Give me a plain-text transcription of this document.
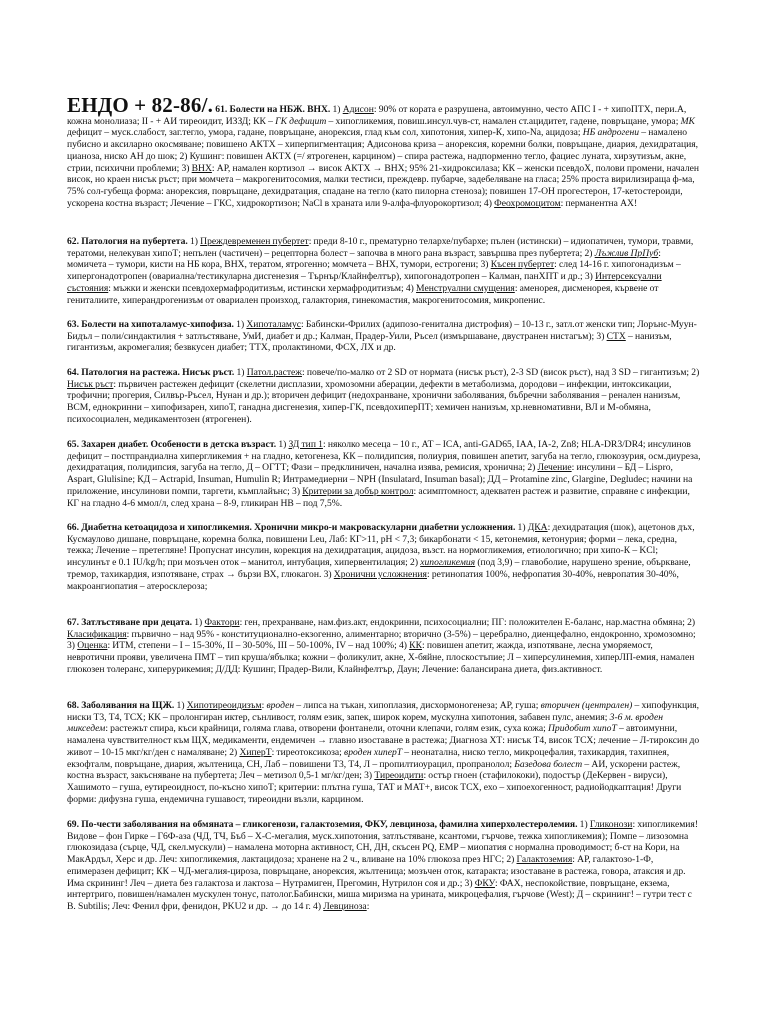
ЕНДО + 82-86/. 61. Болести на НБЖ. ВНХ. 1) Адисон: 90% от кората е разрушена, автоимунно, често АПС I - + хипоПТХ, пери.А, кожна монолиаза; II - + АИ тиреоидит, ИЗЗД; КК – ГК дефицит – хипогликемия, повиш.инсул.чув-ст, намален ст.ацидитет, гадене, повръщане, умора; МК дефицит – муск.слабост, заг.тегло, умора, гадане, повръщане, анорексия, глад към сол, хипотония, хипер-К, хипо-Na, ацидоза; НБ андрогени – намалено пубисно и аксиларно окосмяване; повишено АКТХ – хиперпигментация; Адисонова криза – анорексия, коремни болки, повръщане, диария, дехидратация, цианоза, ниско АН до шок; 2) Кушинг: повишен АКТХ (=/ ятрогенен, карцином) – спира растежа, надпорменно тегло, фациес луната, хирзутизъм, акне, стрии, психични проблеми; 3) ВНХ: АР, намален кортизол → висок АКТХ → ВНХ; 95% 21-хидроксилаза; КК – женски псевдоХ, полови промени, начален висок, но краен нисък ръст; при момчета – макрогенитосомия, малки тестиси, преждевр. пубарче, задебеляване на гласа; 25% проста вирилизираща ф-ма, 75% сол-губеща форма: анорексия, повръщане, дехидратация, спадане на тегло (като пилорна стеноза); повишен 17-ОН прогестерон, 17-кетостероиди, ускорена костна възраст; Лечение – ГКС, хидрокортизон; NaCl в храната или 9-алфа-флуорокортизол; 4) Феохромоцитом: перманентна АХ!

62. Патология на пубертета. 1) Преждевременен пубертет: преди 8-10 г., прематурно телархе/пубархе; пълен (истински) – идиопатичен, тумори, травми, тератоми, нелекуван хипоТ; непълен (частичен) – рецепторна болест – започва в много рана възраст, завършва през пубертета; 2) Лъжлив ПрПуб: момичета – тумори, кисти на НБ кора, ВНХ, тератом, ятрогенно; момчета – ВНХ, тумори, естрогени; 3) Късен пубертет: след 14-16 г. хипогонадизъм – хипергонадотропен (овариална/тестикуларна дисгенезия – Търнър/Клайнфелтър), хипогонадотропен – Калман, панХПТ и др.; 3) Интерсексуални състояния: мъжки и женски псевдохермафродитизъм, истински хермафродитизъм; 4) Менструални смущения: аменорея, дисменорея, кървене от гениталиите, хиперандрогенизъм от овариален произход, галактория, гинекомастия, макрогенитосомия, микропенис.

63. Болести на хипоталамус-хипофиза. 1) Хипоталамус: Бабински-Фрилих (адипозо-генитална дистрофия) – 10-13 г., затл.от женски тип; Лорънс-Муун-Бидъл – поли/синдактилия + затлъстяване, УмИ, диабет и др.; Калман, Прадер-Уили, Ръсел (измършаване, двустранен нистагъм); 3) СТХ – нанизъм, гигантизъм, акромегалия; безвкусен диабет; ТТХ, пролактиноми, ФСХ, ЛХ и др.

64. Патология на растежа. Нисък ръст. 1) Патол.растеж: повече/по-малко от 2 SD от нормата (нисък ръст), 2-3 SD (висок ръст), над 3 SD – гигантизъм; 2) Нисък ръст: първичен растежен дефицит (скелетни дисплазии, хромозомни аберации, дефекти в метаболизма, дородови – инфекции, интоксикации, трофични; прогерия, Силвър-Ръсел, Нунан и др.); вторичен дефицит (недохранване, хронични заболявания, бъбречни заболявания – ренален нанизъм, ВСМ, еднокринни – хипофизарен, хипоТ, ганадна дисгенезия, хипер-ГК, псевдохиперПТ; хемичен нанизъм, хр.невномативни, ВЛ и М-обмяна, психосоциален, медикаментозен (ятрогенен).

65. Захарен диабет. Особености в детска възраст. 1) ЗД тип 1: няколко месеца – 10 г., АТ – ICA, anti-GAD65, IAA, IA-2, Zn8; HLA-DR3/DR4; инсулинов дефицит – постпрандиална хипергликемия + на гладно, кетогенеза, КК – полидипсия, полиурия, повишен апетит, загуба на тегло, глюкозурия, осм.диуреза, дехидратация, полидипсия, загуба на тегло, Д – ОГТТ; Фази – предклиничен, начална изява, ремисия, хронична; 2) Лечение: инсулини – БД – Lispro, Aspart, Glulisine; КД – Actrapid, Insuman, Humulin R; Интрамедиерни – NPH (Insulatard, Insuman basal); ДД – Protamine zinc, Glargine, Degludec; начини на приложение, инсулинови помпи, таргети, къмплайънс; 3) Критерии за добър контрол: асимптомност, адекватен растеж и развитие, справяне с инфекции, КГ на гладно 4-6 ммол/л, след храна – 8-9, гликиран НВ – под 7,5%.

66. Диабетна кетоацидоза и хипогликемия. Хронични микро-и макроваскуларни диабетни усложнения. 1) ДКА: дехидратация (шок), ацетонов дъх, Кусмаулово дишане, повръщане, коремна болка, повишени Leu, Лаб: КГ>11, pH < 7,3; бикарбонати < 15, кетонемия, кетонурия; форми – лека, средна, тежка; Лечение – претегляне! Пропуснат инсулин, корекция на дехидратация, ацидоза, възст. на нормогликемия, етиологично; при хипо-К – KCl; инсулинът е 0.1 IU/kg/h; при мозъчен оток – манитол, интубация, хипервентилация; 2) хипогликемия (под 3,9) – главоболие, нарушено зрение, объркване, тремор, тахикардия, изпотяване, страх → бързи ВХ, глюкагон. 3) Хронични усложнения: ретинопатия 100%, нефропатия 30-40%, невропатия 30-40%, макроангиопатия – атеросклероза;

67. Затлъстяване при децата. 1) Фактори: ген, прехранване, нам.физ.акт, ендокринни, психосоциални; ПГ: положителен Е-баланс, нар.мастна обмяна; 2) Класификация: първично – над 95% - конституционално-екзогенно, алиментарно; вторично (3-5%) – церебрално, диенцефално, ендокронно, хромозомно; 3) Оценка: ИТМ, степени – I – 15-30%, II – 30-50%, III – 50-100%, IV – над 100%; 4) КК: повишен апетит, жажда, изпотяване, лесна уморяемост, невротични прояви, увеличена ПМТ – тип круша/ябълка; кожни – фоликулит, акне, Х-бяйне, плоскостъпие; Л – хиперсулинемия, хиперЛП-емия, намален глюкозен толеранс, хиперурикемия; Д/ДД: Кушинг, Прадер-Вили, Клайнфелтър, Даун; Лечение: балансирана диета, физ.активност.

68. Заболявания на ЩЖ. 1) Хипотиреоидизъм: вроден – липса на тъкан, хипоплазия, дисхормоногенеза; АР, гуша; вторичен (централен) – хипофункция, ниски Т3, Т4, ТСХ; КК – пролонгиран иктер, сънливост, голям език, запек, широк корем, мускулна хипотония, забавен пулс, анемия; 3-6 м. вроден микседем: растежът спира, къси крайници, голяма глава, отворени фонтанели, оточни клепачи, голям език, суха кожа; Придобит хипоТ – автоимунни, намалена чувствителност към ЩХ, медикаменти, ендемичен → главно изоставане в растежа; Диагноза ХТ: нисък Т4, висок ТСХ; лечение – Л-тироксин до живот – 10-15 мкг/кг/ден с намаляване; 2) ХиперТ: тиреотоксикоза; вроден хиперТ – неонатална, ниско тегло, микроцефалия, тахикардия, тахипнея, екзофталм, повръщане, диария, жълтеница, СН, Лаб – повишени Т3, Т4, Л – пропилтиоурацил, пропранолол; Базедова болест – АИ, ускорени растеж, костна възраст, закъсняване на пубертета; Леч – метизол 0,5-1 мг/кг/ден; 3) Тиреоидити: остър гноен (стафилококи), подостър (ДеКервен - вируси), Хашимото – гуша, еутиреоидност, по-късно хипоТ; критерии: плътна гуша, ТАТ и МАТ+, висок ТСХ, ехо – хипоехогенност, радиойодкаптация! Други форми: дифузна гуша, ендемична гушавост, тиреоидни възли, карцином.

69. По-чести заболявания на обмяната – гликогенози, галактоземия, ФКУ, левциноза, фамилна хиперхолестеролемия. 1) Гликонози: хипогликемия! Видове – фон Гирке – Г6Ф-аза (ЧД, ТЧ, Бъб – Х-С-мегалия, муск.хипотония, затлъстяване, ксантоми, гърчове, тежка хипогликемия); Помпе – лизозомна глюкозидаза (сърце, ЧД, скел.мускули) – намалена моторна активност, СН, ДН, скъсен PQ, EMP – миопатия с нормална проводимост; б-ст на Кори, на МакАрдъл, Херс и др. Леч: хипогликемия, лактацидоза; хранене на 2 ч., вливане на 10% глюкоза през НГС; 2) Галактоземия: АР, галактозо-1-Ф, епимеразен дефицит; КК – ЧД-мегалия-цироза, повръщане, анорексия, жълтеница; мозъчен оток, катаракта; изоставане в растежа, говора, атаксия и др. Има скрининг! Леч – диета без галактоза и лактоза – Нутрамиген, Прегомин, Нутрилон соя и др.; 3) ФКУ: ФАХ, неспокойствие, повръщане, екзема, интертриго, повишен/намален мускулен тонус, патолог.Бабински, миша миризма на урината, микроцефалия, гърчове (West); Д – скрининг! – гутри тест с B. Subtilis; Леч: Фенил фри, фенидон, PKU2 и др. → до 14 г. 4) Левциноза:
